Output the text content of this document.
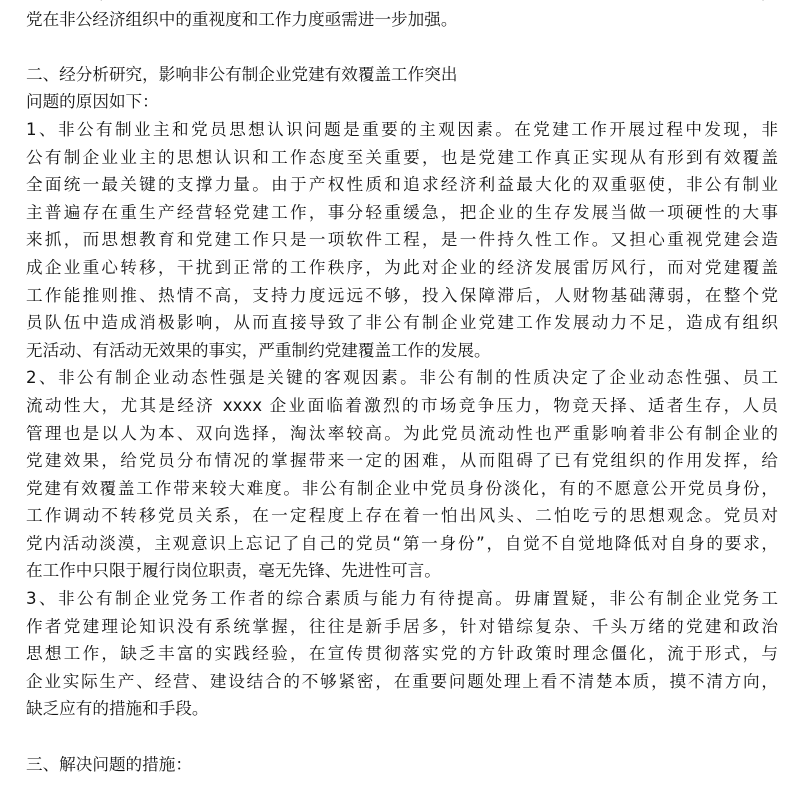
党在非公经济组织中的重视度和工作力度亟需进一步加强。
二、经分析研究，影响非公有制企业党建有效覆盖工作突出
问题的原因如下：
1、非公有制业主和党员思想认识问题是重要的主观因素。在党建工作开展过程中发现，非
公有制企业业主的思想认识和工作态度至关重要，也是党建工作真正实现从有形到有效覆盖
全面统一最关键的支撑力量。由于产权性质和追求经济利益最大化的双重驱使，非公有制业
主普遍存在重生产经营轻党建工作，事分轻重缓急，把企业的生存发展当做一项硬性的大事
来抓，而思想教育和党建工作只是一项软件工程，是一件持久性工作。又担心重视党建会造
成企业重心转移，干扰到正常的工作秩序，为此对企业的经济发展雷厉风行，而对党建覆盖
工作能推则推、热情不高，支持力度远远不够，投入保障滞后，人财物基础薄弱，在整个党
员队伍中造成消极影响，从而直接导致了非公有制企业党建工作发展动力不足，造成有组织
无活动、有活动无效果的事实，严重制约党建覆盖工作的发展。
2、非公有制企业动态性强是关键的客观因素。非公有制的性质决定了企业动态性强、员工
流动性大，尤其是经济 xxxx 企业面临着激烈的市场竞争压力，物竞天择、适者生存，人员
管理也是以人为本、双向选择，淘汰率较高。为此党员流动性也严重影响着非公有制企业的
党建效果，给党员分布情况的掌握带来一定的困难，从而阻碍了已有党组织的作用发挥，给
党建有效覆盖工作带来较大难度。非公有制企业中党员身份淡化，有的不愿意公开党员身份，
工作调动不转移党员关系，在一定程度上存在着一怕出风头、二怕吃亏的思想观念。党员对
党内活动淡漠，主观意识上忘记了自己的党员“第一身份”，自觉不自觉地降低对自身的要求，
在工作中只限于履行岗位职责，毫无先锋、先进性可言。
3、非公有制企业党务工作者的综合素质与能力有待提高。毋庸置疑，非公有制企业党务工
作者党建理论知识没有系统掌握，往往是新手居多，针对错综复杂、千头万绪的党建和政治
思想工作，缺乏丰富的实践经验，在宣传贯彻落实党的方针政策时理念僵化，流于形式，与
企业实际生产、经营、建设结合的不够紧密，在重要问题处理上看不清楚本质，摸不清方向，
缺乏应有的措施和手段。
三、解决问题的措施：
